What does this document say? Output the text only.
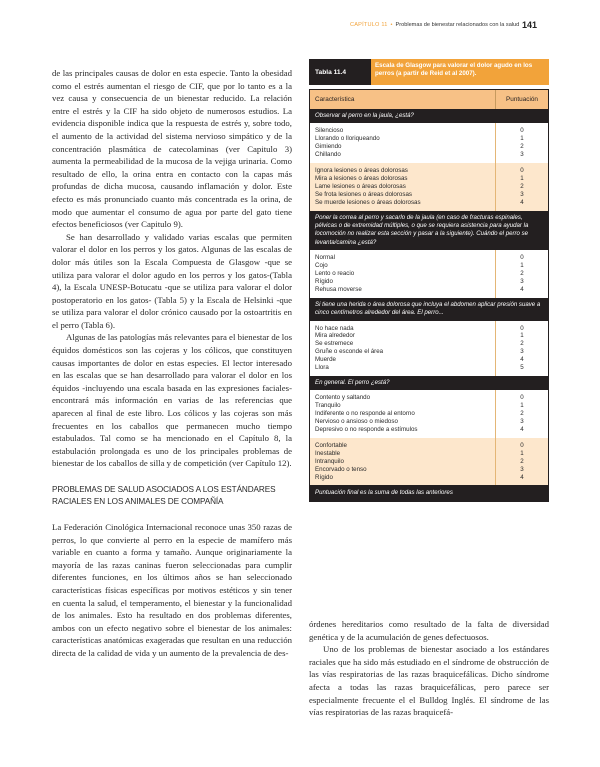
CAPÍTULO 11 • Problemas de bienestar relacionados con la salud 141

de las principales causas de dolor en esta especie. Tanto la obesidad como el estrés aumentan el riesgo de CIF, que por lo tanto es a la vez causa y consecuencia de un bienestar reducido. La relación entre el estrés y la CIF ha sido objeto de numerosos estudios. La evidencia disponible indica que la respuesta de estrés y, sobre todo, el aumento de la actividad del sistema nervioso simpático y de la concentración plasmática de catecolaminas (ver Capitulo 3) aumenta la permeabilidad de la mucosa de la vejiga urinaria. Como resultado de ello, la orina entra en contacto con la capas más profundas de dicha mucosa, causando inflamación y dolor. Este efecto es más pronunciado cuanto más concentrada es la orina, de modo que aumentar el consumo de agua por parte del gato tiene efectos beneficiosos (ver Capitulo 9).

Se han desarrollado y validado varias escalas que permiten valorar el dolor en los perros y los gatos. Algunas de las escalas de dolor más útiles son la Escala Compuesta de Glasgow -que se utiliza para valorar el dolor agudo en los perros y los gatos-(Tabla 4), la Escala UNESP-Botucatu -que se utiliza para valorar el dolor postoperatorio en los gatos- (Tabla 5) y la Escala de Helsinki -que se utiliza para valorar el dolor crónico causado por la ostoartritis en el perro (Tabla 6).

Algunas de las patologías más relevantes para el bienestar de los équidos domésticos son las cojeras y los cólicos, que constituyen causas importantes de dolor en estas especies. El lector interesado en las escalas que se han desarrollado para valorar el dolor en los équidos -incluyendo una escala basada en las expresiones faciales- encontrará más información en varias de las referencias que aparecen al final de este libro. Los cólicos y las cojeras son más frecuentes en los caballos que permanecen mucho tiempo estabulados. Tal como se ha mencionado en el Capítulo 8, la estabulación prolongada es uno de los principales problemas de bienestar de los caballos de silla y de competición (ver Capítulo 12).

PROBLEMAS DE SALUD ASOCIADOS A LOS ESTÁNDARES RACIALES EN LOS ANIMALES DE COMPAÑÍA

La Federación Cinológica Internacional reconoce unas 350 razas de perros, lo que convierte al perro en la especie de mamífero más variable en cuanto a forma y tamaño. Aunque originariamente la mayoría de las razas caninas fueron seleccionadas para cumplir diferentes funciones, en los últimos años se han seleccionado características físicas específicas por motivos estéticos y sin tener en cuenta la salud, el temperamento, el bienestar y la funcionalidad de los animales. Esto ha resultado en dos problemas diferentes, ambos con un efecto negativo sobre el bienestar de los animales: características anatómicas exageradas que resultan en una reducción directa de la calidad de vida y un aumento de la prevalencia de des-

Tabla 11.4
Escala de Glasgow para valorar el dolor agudo en los perros (a partir de Reid et al 2007).
Característica	Puntuación
Observar al perro en la jaula, ¿está?
Silencioso
Llorando o lloriqueando
Gimiendo
Chillando
0
1
2
3
Ignora lesiones o áreas dolorosas
Mira a lesiones o áreas dolorosas
Lame lesiones o áreas dolorosas
Se frota lesiones o áreas dolorosas
Se muerde lesiones o áreas dolorosas
0
1
2
3
4
Poner la correa al perro y sacarlo de la jaula (en caso de fracturas espinales, pélvicas o de extremidad múltiples, o que se requiera asistencia para ayudar la locomoción no realizar esta sección y pasar a la siguiente). Cuándo el perro se levanta/camina ¿está?
Normal
Cojo
Lento o reacio
Rígido
Rehusa moverse
0
1
2
3
4
Si tiene una herida o área dolorosa que incluya el abdomen aplicar presión suave a cinco centímetros alrededor del área. El perro...
No hace nada
Mira alrededor
Se estremece
Gruñe o esconde el área
Muerde
Llora
0
1
2
3
4
5
En general. El perro ¿está?
Contento y saltando
Tranquilo
Indiferente o no responde al entorno
Nervioso o ansioso o miedoso
Depresivo o no responde a estímulos
0
1
2
3
4
Confortable
Inestable
Intranquilo
Encorvado o tenso
Rígido
0
1
2
3
4
Puntuación final es la suma de todas las anteriores

órdenes hereditarios como resultado de la falta de diversidad genética y de la acumulación de genes defectuosos.

Uno de los problemas de bienestar asociado a los estándares raciales que ha sido más estudiado en el síndrome de obstrucción de las vías respiratorias de las razas braquicefálicas. Dicho síndrome afecta a todas las razas braquicefálicas, pero parece ser especialmente frecuente el el Bulldog Inglés. El síndrome de las vías respiratorias de las razas braquicefá-
